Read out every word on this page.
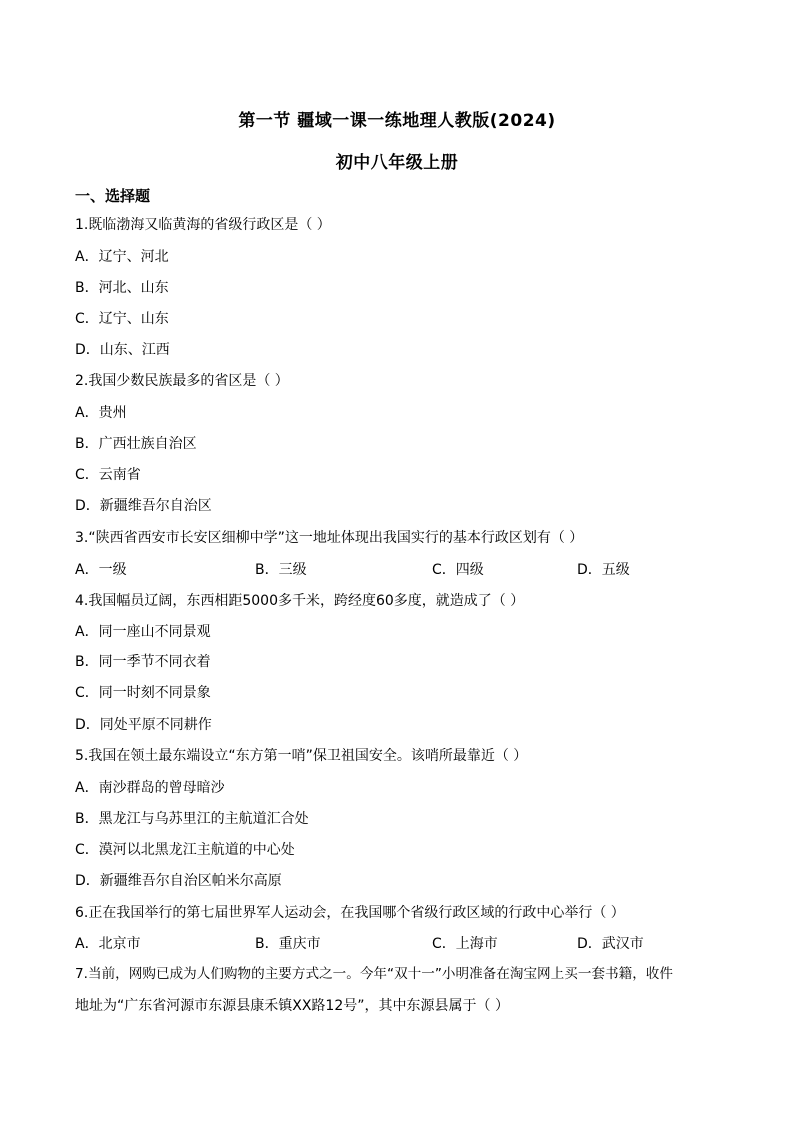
第一节 疆域一课一练地理人教版(2024)
初中八年级上册
一、选择题
1.既临渤海又临黄海的省级行政区是（ ）
A．辽宁、河北
B．河北、山东
C．辽宁、山东
D．山东、江西
2.我国少数民族最多的省区是（ ）
A．贵州
B．广西壮族自治区
C．云南省
D．新疆维吾尔自治区
3.“陕西省西安市长安区细柳中学”这一地址体现出我国实行的基本行政区划有（ ）
A．一级	B．三级	C．四级	D．五级
4.我国幅员辽阔，东西相距5000多千米，跨经度60多度，就造成了（ ）
A．同一座山不同景观
B．同一季节不同衣着
C．同一时刻不同景象
D．同处平原不同耕作
5.我国在领土最东端设立“东方第一哨”保卫祖国安全。该哨所最靠近（ ）
A．南沙群岛的曾母暗沙
B．黑龙江与乌苏里江的主航道汇合处
C．漠河以北黑龙江主航道的中心处
D．新疆维吾尔自治区帕米尔高原
6.正在我国举行的第七届世界军人运动会，在我国哪个省级行政区域的行政中心举行（ ）
A．北京市	B．重庆市	C．上海市	D．武汉市
7.当前，网购已成为人们购物的主要方式之一。今年“双十一”小明准备在淘宝网上买一套书籍，收件
地址为“广东省河源市东源县康禾镇XX路12号”，其中东源县属于（ ）
